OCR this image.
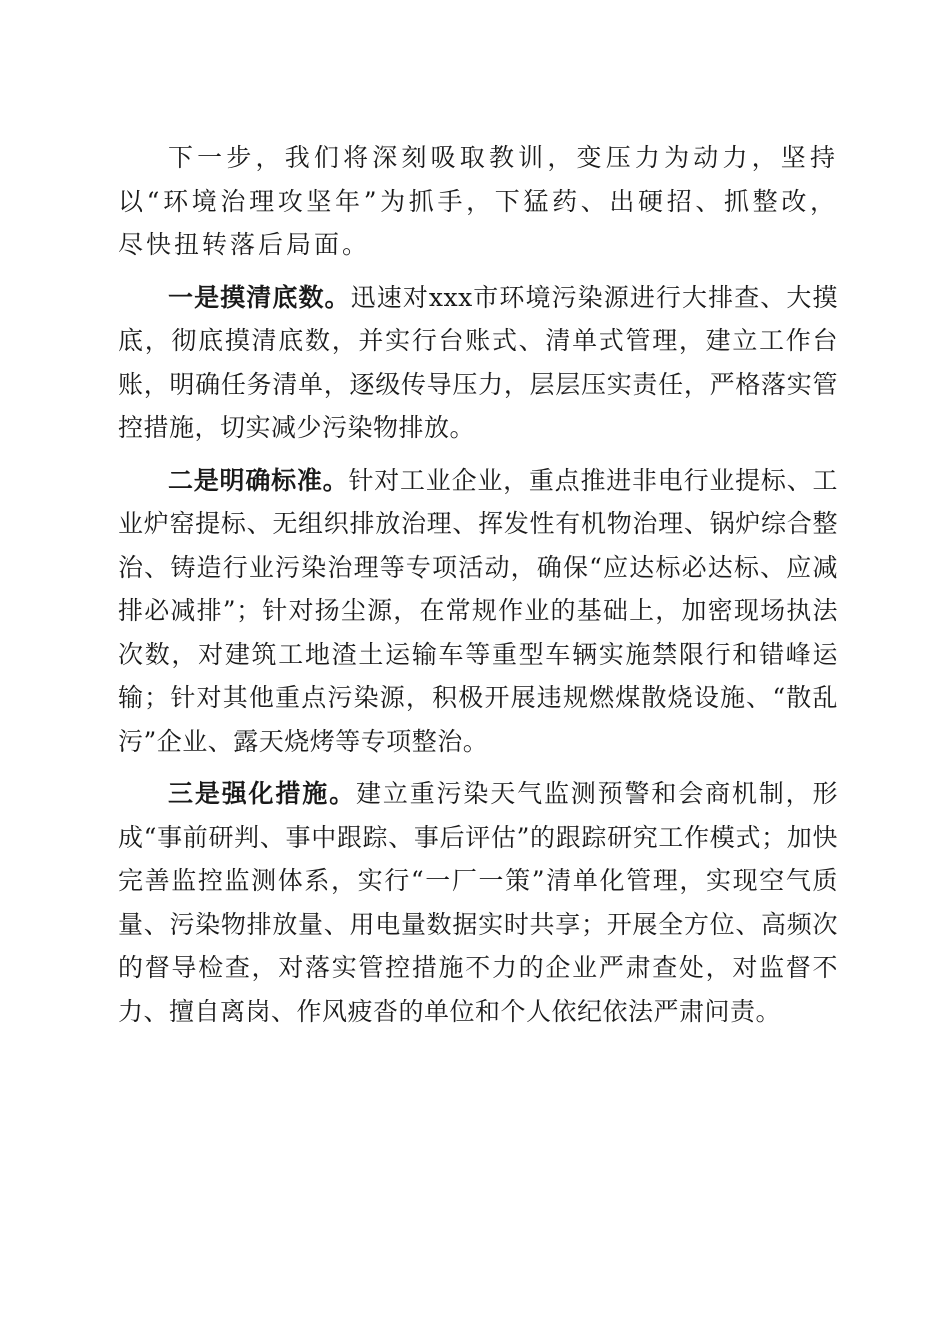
下一步，我们将深刻吸取教训，变压力为动力，坚持以“环境治理攻坚年”为抓手，下猛药、出硬招、抓整改，尽快扭转落后局面。

一是摸清底数。迅速对xxx市环境污染源进行大排查、大摸底，彻底摸清底数，并实行台账式、清单式管理，建立工作台账，明确任务清单，逐级传导压力，层层压实责任，严格落实管控措施，切实减少污染物排放。

二是明确标准。针对工业企业，重点推进非电行业提标、工业炉窑提标、无组织排放治理、挥发性有机物治理、锅炉综合整治、铸造行业污染治理等专项活动，确保“应达标必达标、应减排必减排”；针对扬尘源，在常规作业的基础上，加密现场执法次数，对建筑工地渣土运输车等重型车辆实施禁限行和错峰运输；针对其他重点污染源，积极开展违规燃煤散烧设施、“散乱污”企业、露天烧烤等专项整治。

三是强化措施。建立重污染天气监测预警和会商机制，形成“事前研判、事中跟踪、事后评估”的跟踪研究工作模式；加快完善监控监测体系，实行“一厂一策”清单化管理，实现空气质量、污染物排放量、用电量数据实时共享；开展全方位、高频次的督导检查，对落实管控措施不力的企业严肃查处，对监督不力、擅自离岗、作风疲沓的单位和个人依纪依法严肃问责。
